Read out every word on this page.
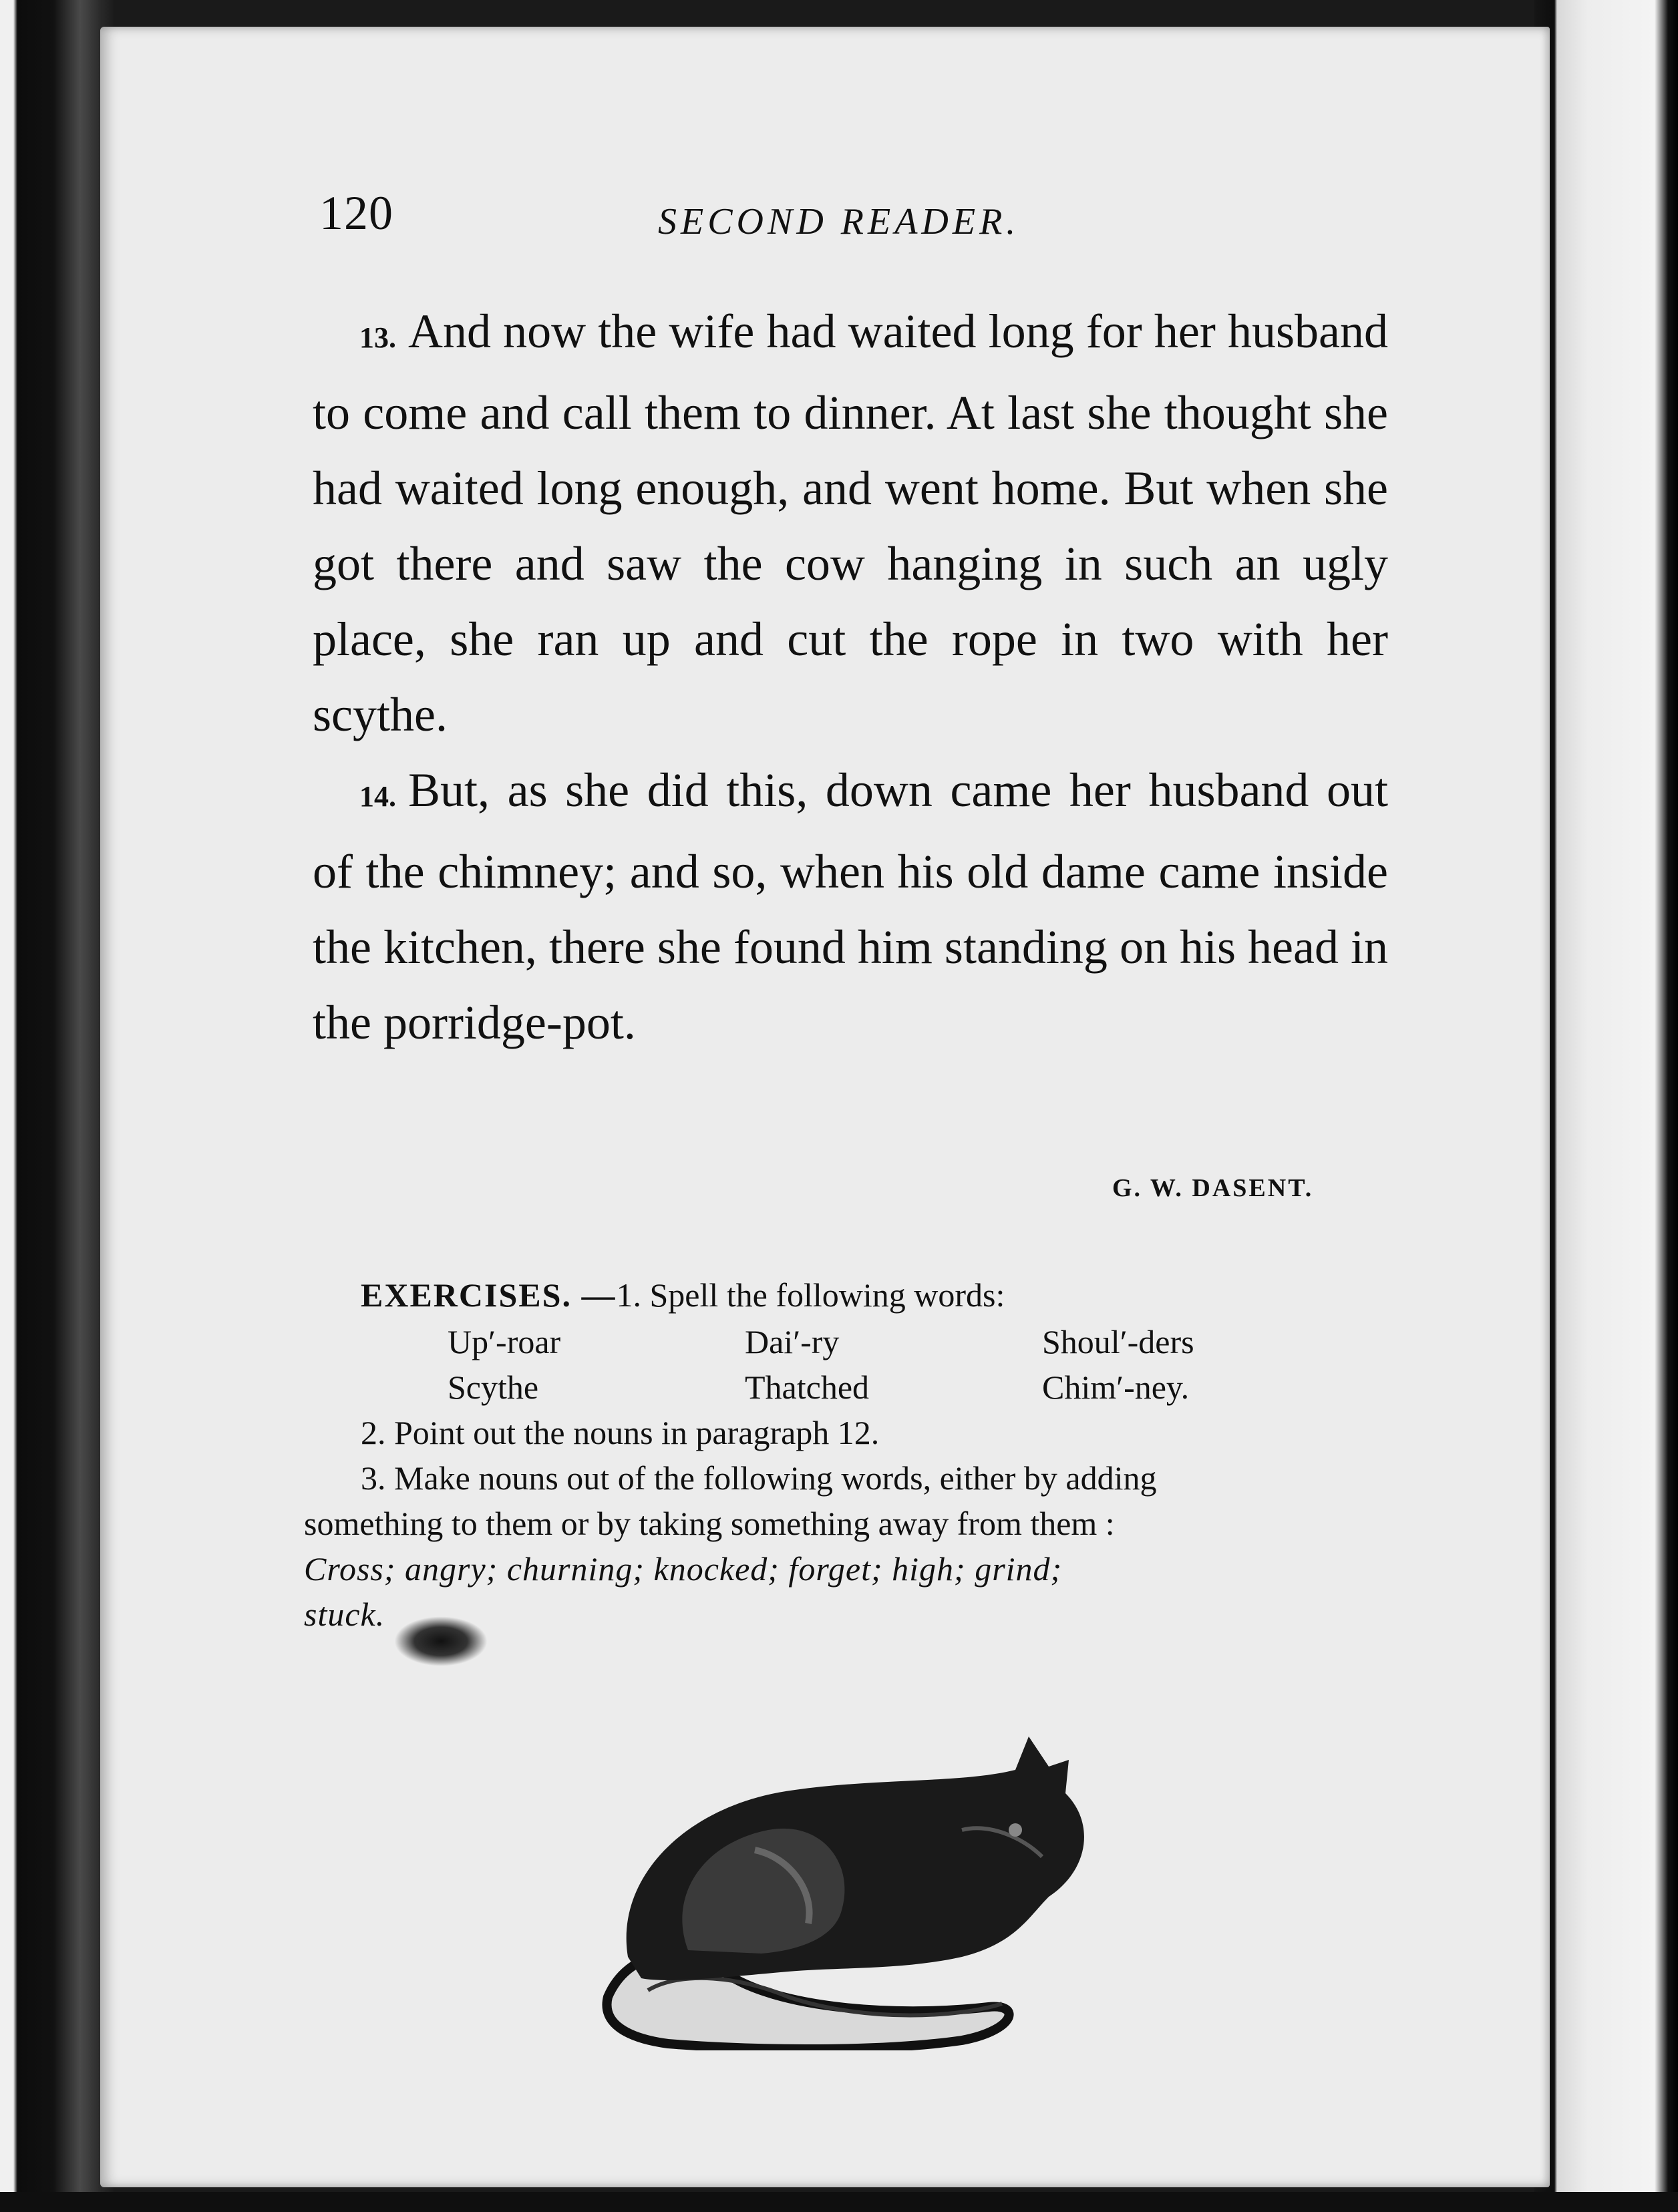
120	SECOND READER.

13. And now the wife had waited long for her husband to come and call them to dinner. At last she thought she had waited long enough, and went home. But when she got there and saw the cow hanging in such an ugly place, she ran up and cut the rope in two with her scythe.

14. But, as she did this, down came her husband out of the chimney; and so, when his old dame came inside the kitchen, there she found him standing on his head in the porridge-pot.

G. W. DASENT.
EXERCISES. —1. Spell the following words:
Up′-roar	Dai′-ry	Shoul′-ders
Scythe	Thatched	Chim′-ney.

2. Point out the nouns in paragraph 12.

3. Make nouns out of the following words, either by adding

something to them or by taking something away from them :

Cross; angry; churning; knocked; forget; high; grind;

stuck.
